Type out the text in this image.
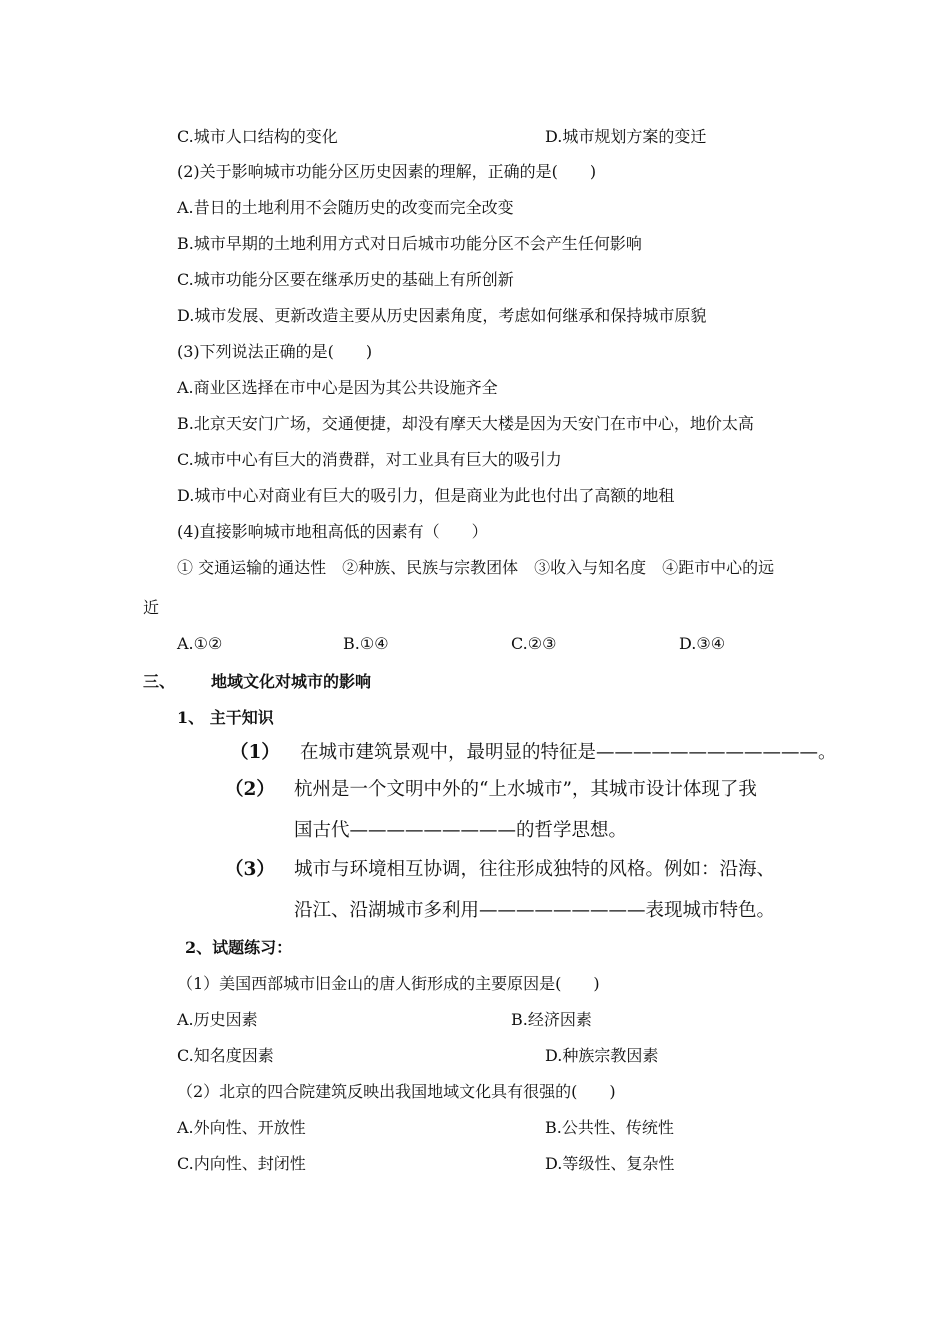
C.城市人口结构的变化	D.城市规划方案的变迁
(2)关于影响城市功能分区历史因素的理解，正确的是(　　)
A.昔日的土地利用不会随历史的改变而完全改变
B.城市早期的土地利用方式对日后城市功能分区不会产生任何影响
C.城市功能分区要在继承历史的基础上有所创新
D.城市发展、更新改造主要从历史因素角度，考虑如何继承和保持城市原貌
(3)下列说法正确的是(　　)
A.商业区选择在市中心是因为其公共设施齐全
B.北京天安门广场，交通便捷，却没有摩天大楼是因为天安门在市中心，地价太高
C.城市中心有巨大的消费群，对工业具有巨大的吸引力
D.城市中心对商业有巨大的吸引力，但是商业为此也付出了高额的地租
(4)直接影响城市地租高低的因素有（　　）
① 交通运输的通达性　②种族、民族与宗教团体　③收入与知名度　④距市中心的远
近
A.①②	B.①④	C.②③	D.③④
三、 地域文化对城市的影响
1、 主干知识
（1） 在城市建筑景观中，最明显的特征是————————————。
（2） 杭州是一个文明中外的“上水城市”，其城市设计体现了我
国古代—————————的哲学思想。
（3） 城市与环境相互协调，往往形成独特的风格。例如：沿海、
沿江、沿湖城市多利用—————————表现城市特色。
2、试题练习：
（1）美国西部城市旧金山的唐人街形成的主要原因是(　　)
A.历史因素	B.经济因素
C.知名度因素	D.种族宗教因素
（2）北京的四合院建筑反映出我国地域文化具有很强的(　　)
A.外向性、开放性	B.公共性、传统性
C.内向性、封闭性	D.等级性、复杂性
